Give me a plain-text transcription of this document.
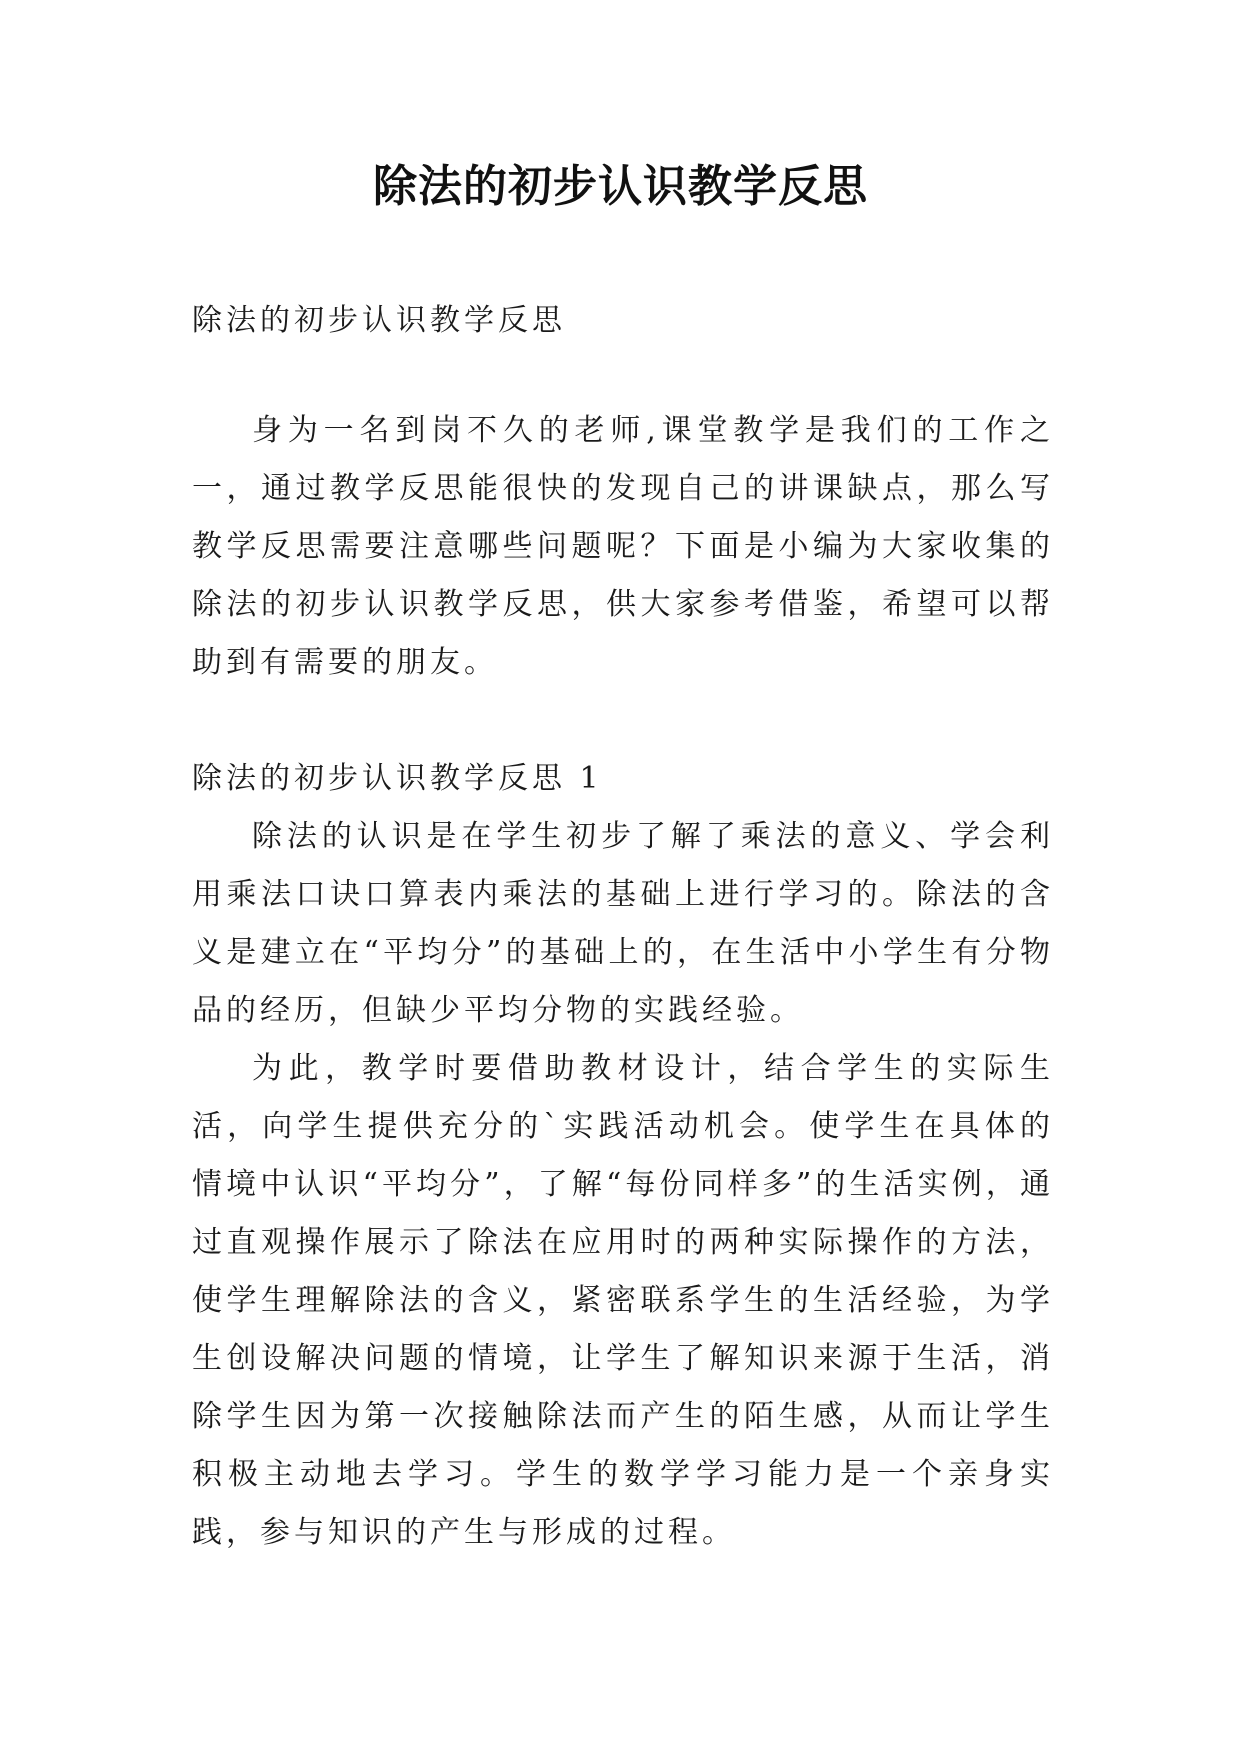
除法的初步认识教学反思

除法的初步认识教学反思

身为一名到岗不久的老师,课堂教学是我们的工作之一，通过教学反思能很快的发现自己的讲课缺点，那么写教学反思需要注意哪些问题呢？下面是小编为大家收集的除法的初步认识教学反思，供大家参考借鉴，希望可以帮助到有需要的朋友。

除法的初步认识教学反思 1

除法的认识是在学生初步了解了乘法的意义、学会利用乘法口诀口算表内乘法的基础上进行学习的。除法的含义是建立在“平均分”的基础上的，在生活中小学生有分物品的经历，但缺少平均分物的实践经验。

为此，教学时要借助教材设计，结合学生的实际生活，向学生提供充分的`实践活动机会。使学生在具体的情境中认识“平均分”，了解“每份同样多”的生活实例，通过直观操作展示了除法在应用时的两种实际操作的方法，使学生理解除法的含义，紧密联系学生的生活经验，为学生创设解决问题的情境，让学生了解知识来源于生活，消除学生因为第一次接触除法而产生的陌生感，从而让学生积极主动地去学习。学生的数学学习能力是一个亲身实践，参与知识的产生与形成的过程。
